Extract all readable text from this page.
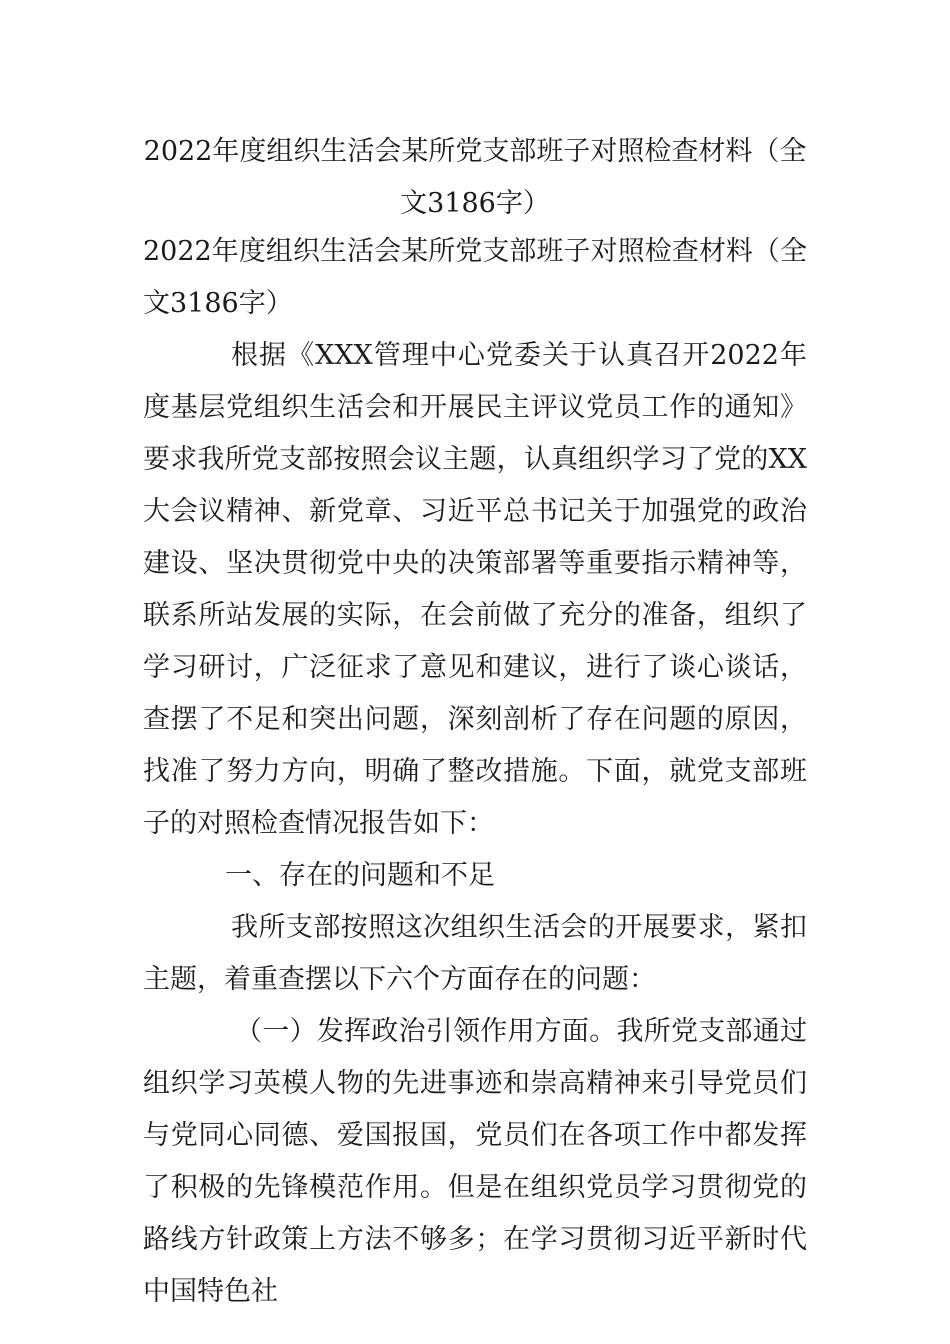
2022年度组织生活会某所党支部班子对照检查材料（全文3186字）

2022年度组织生活会某所党支部班子对照检查材料（全文3186字）

根据《XXX管理中心党委关于认真召开2022年度基层党组织生活会和开展民主评议党员工作的通知》要求我所党支部按照会议主题，认真组织学习了党的XX大会议精神、新党章、习近平总书记关于加强党的政治建设、坚决贯彻党中央的决策部署等重要指示精神等，联系所站发展的实际，在会前做了充分的准备，组织了学习研讨，广泛征求了意见和建议，进行了谈心谈话，查摆了不足和突出问题，深刻剖析了存在问题的原因，找准了努力方向，明确了整改措施。下面，就党支部班子的对照检查情况报告如下：

一、存在的问题和不足

我所支部按照这次组织生活会的开展要求，紧扣主题，着重查摆以下六个方面存在的问题：

（一）发挥政治引领作用方面。我所党支部通过组织学习英模人物的先进事迹和崇高精神来引导党员们与党同心同德、爱国报国，党员们在各项工作中都发挥了积极的先锋模范作用。但是在组织党员学习贯彻党的路线方针政策上方法不够多；在学习贯彻习近平新时代中国特色社
